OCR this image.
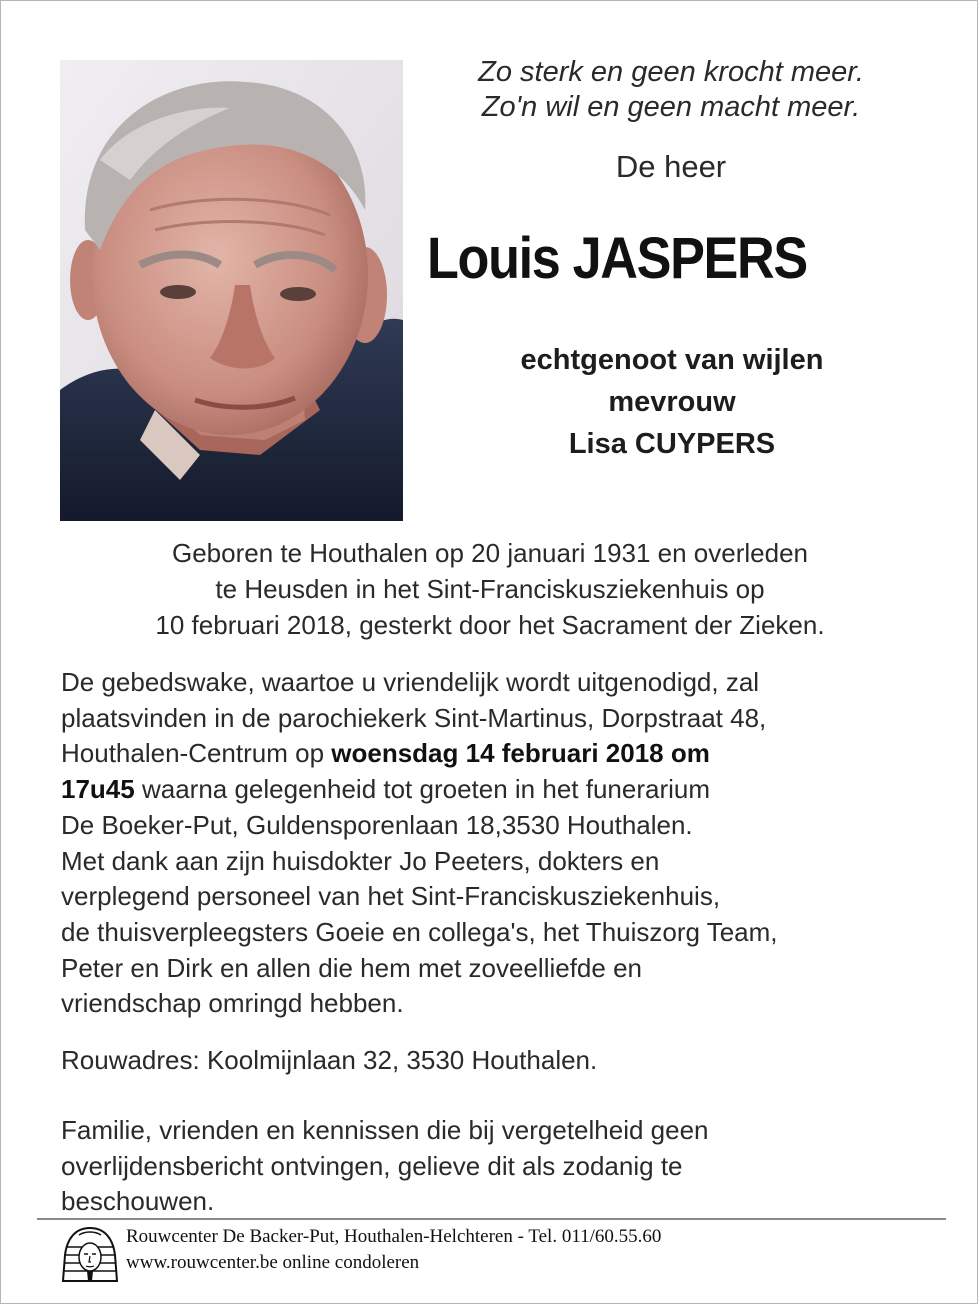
Zo sterk en geen krocht meer.
Zo'n wil en geen macht meer.
De heer
Louis JASPERS
echtgenoot van wijlen
mevrouw
Lisa CUYPERS
Geboren te Houthalen op 20 januari 1931 en overleden
te Heusden in het Sint-Franciskusziekenhuis op
10 februari 2018, gesterkt door het Sacrament der Zieken.
De gebedswake, waartoe u vriendelijk wordt uitgenodigd, zal
plaatsvinden in de parochiekerk Sint-Martinus, Dorpstraat 48,
Houthalen-Centrum op woensdag 14 februari 2018 om
17u45 waarna gelegenheid tot groeten in het funerarium
De Boeker-Put, Guldensporenlaan 18,3530 Houthalen.
Met dank aan zijn huisdokter Jo Peeters, dokters en
verplegend personeel van het Sint-Franciskusziekenhuis,
de thuisverpleegsters Goeie en collega's, het Thuiszorg Team,
Peter en Dirk en allen die hem met zoveelliefde en
vriendschap omringd hebben.
Rouwadres: Koolmijnlaan 32, 3530 Houthalen.
Familie, vrienden en kennissen die bij vergetelheid geen
overlijdensbericht ontvingen, gelieve dit als zodanig te
beschouwen.
Rouwcenter De Backer-Put, Houthalen-Helchteren - Tel. 011/60.55.60
www.rouwcenter.be online condoleren
